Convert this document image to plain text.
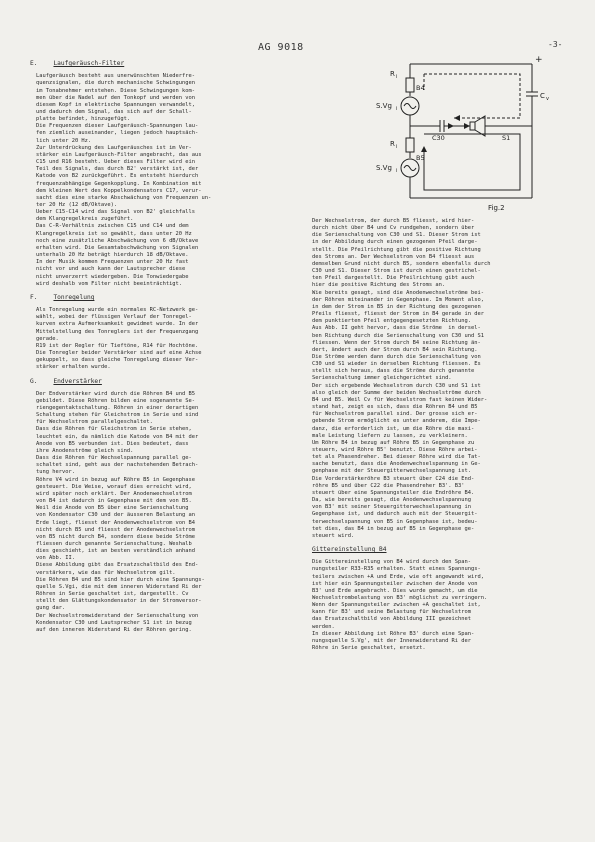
AG 9018	-3-
E.	Laufgeräusch-Filter
Laufgeräusch besteht aus unerwünschten Niederfre-
quenzsignalen, die durch mechanische Schwingungen
im Tonabnehmer entstehen. Diese Schwingungen kom-
men über die Nadel auf den Tonkopf und werden von
diesem Kopf in elektrische Spannungen verwandelt,
und dadurch dem Signal, das sich auf der Schall-
platte befindet, hinzugefügt.
Die Frequenzen dieser Laufgeräusch-Spannungen lau-
fen ziemlich auseinander, liegen jedoch hauptsäch-
lich unter 20 Hz.
Zur Unterdrückung des Laufgeräusches ist im Ver-
stärker ein Laufgeräusch-Filter angebracht, das aus
C15 und R16 besteht. Ueber dieses Filter wird ein
Teil des Signals, das durch B2' verstärkt ist, der
Katode von B2 zurückgeführt. Es entsteht hierdurch
frequenzabhängige Gegenkopplung. In Kombination mit
dem kleinen Wert des Koppelkondensators C17, verur-
sacht dies eine starke Abschwächung von Frequenzen un-
ter 20 Hz (12 dB/Oktave).
Ueber C15-C14 wird das Signal von B2' gleichfalls
dem Klangregelkreis zugeführt.
Das C-R-Verhältnis zwischen C15 und C14 und dem
Klangregelkreis ist so gewählt, dass unter 20 Hz
noch eine zusätzliche Abschwächung von 6 dB/Oktave
erhalten wird. Die Gesamtabschwächung von Signalen
unterhalb 20 Hz beträgt hierdurch 18 dB/Oktave.
In der Musik kommen Frequenzen unter 20 Hz fast
nicht vor und auch kann der Lautsprecher diese
nicht unverzerrt wiedergeben. Die Tonwiedergabe
wird deshalb vom Filter nicht beeinträchtigt.
F.	Tonregelung
Als Tonregelung wurde ein normales RC-Netzwerk ge-
wählt, wobei der flüssigen Verlauf der Tonregel-
kurven extra Aufmerksamkeit gewidmet wurde. In der
Mittelstellung des Tonreglers ist der Frequenzgang
gerade.
R19 ist der Regler für Tieftöne, R14 für Hochtöne.
Die Tonregler beider Verstärker sind auf eine Achse
gekuppelt, so dass gleiche Tonregelung dieser Ver-
stärker erhalten wurde.
G.	Endverstärker
Der Endverstärker wird durch die Röhren B4 und B5
gebildet. Diese Röhren bilden eine sogenannte Se-
riengegentaktschaltung. Röhren in einer derartigen
Schaltung stehen für Gleichstrom in Serie und sind
für Wechselstrom parallelgeschaltet.
Dass die Röhren für Gleichstrom in Serie stehen,
leuchtet ein, da nämlich die Katode von B4 mit der
Anode von B5 verbunden ist. Dies bedeutet, dass
ihre Anodenströme gleich sind.
Dass die Röhren für Wechselspannung parallel ge-
schaltet sind, geht aus der nachstehenden Betrach-
tung hervor.
Röhre V4 wird in bezug auf Röhre B5 in Gegenphase
gesteuert. Die Weise, worauf dies erreicht wird,
wird später noch erklärt. Der Anodenwechselstrom
von B4 ist dadurch in Gegenphase mit dem von B5.
Weil die Anode von B5 über eine Serienschaltung
von Kondensator C30 und der äusseren Belastung an
Erde liegt, fliesst der Anodenwechselstrom von B4
nicht durch B5 und fliesst der Anodenwechselstrom
von B5 nicht durch B4, sondern diese beide Ströme
fliessen durch genannte Serienschaltung. Weshalb
dies geschieht, ist an besten verständlich anhand
von Abb. II.
Diese Abbildung gibt das Ersatzschaltbild des End-
verstärkers, wie das für Wechselstrom gilt.
Die Röhren B4 und B5 sind hier durch eine Spannungs-
quelle S.Vgi, die mit dem inneren Widerstand Ri der
Röhren in Serie geschaltet ist, dargestellt. Cv
stellt den Glättungskondensator in der Stromversor-
gung dar.
Der Wechselstromwiderstand der Serienschaltung von
Kondensator C30 und Lautsprecher S1 ist in bezug
auf den inneren Widerstand Ri der Röhren gering.
+
R i
B4
S.Vg i
C v
C30	S1
R i
B5
S.Vg i
Fig.2
Der Wechselstrom, der durch B5 fliesst, wird hier-
durch nicht über B4 und Cv rundgehen, sondern über
die Serienschaltung von C30 und S1. Dieser Strom ist
in der Abbildung durch einen gezogenen Pfeil darge-
stellt. Die Pfeilrichtung gibt die positive Richtung
des Stroms an. Der Wechselstrom von B4 fliesst aus
demselben Grund nicht durch B5, sondern ebenfalls durch
C30 und S1. Dieser Strom ist durch einen gestrichel-
ten Pfeil dargestellt. Die Pfeilrichtung gibt auch
hier die positive Richtung des Stroms an.
Wie bereits gesagt, sind die Anodenwechselströme bei-
der Röhren miteinander in Gegenphase. Im Moment also,
in dem der Strom in B5 in der Richtung des gezogenen
Pfeils fliesst, fliesst der Strom in B4 gerade in der
dem punktierten Pfeil entgegengesetzten Richtung.
Aus Abb. II geht hervor, dass die Ströme  in dersel-
ben Richtung durch die Serienschaltung von C30 und S1
fliessen. Wenn der Strom durch B4 seine Richtung än-
dert, ändert auch der Strom durch B4 sein Richtung.
Die Ströme werden dann durch die Serienschaltung von
C30 und S1 wieder in derselben Richtung fliessen. Es
stellt sich heraus, dass die Ströme durch genannte
Serienschaltung immer gleichgerichtet sind.
Der sich ergebende Wechselstrom durch C30 und S1 ist
also gleich der Summe der beiden Wechselströme durch
B4 und B5. Weil Cv für Wechselstrom fast keinen Wider-
stand hat, zeigt es sich, dass die Röhren B4 und B5
für Wechselstrom parallel sind. Der grosse sich er-
gebende Strom ermöglicht es unter anderem, die Impe-
danz, die erforderlich ist, um die Röhre die maxi-
male Leistung liefern zu lassen, zu verkleinern.
Um Röhre B4 in bezug auf Röhre B5 in Gegenphase zu
steuern, wird Röhre B5' benutzt. Diese Röhre arbei-
tet als Phasendreher. Bei dieser Röhre wird die Tat-
sache benutzt, dass die Anodenwechselspannung in Ge-
genphase mit der Steuergitterwechselspannung ist.
Die Vorderstärkeröhre B3 steuert über C24 die End-
röhre B5 und über C22 die Phasendreher B3'. B3'
steuert über eine Spannungsteiler die Endröhre B4.
Da, wie bereits gesagt, die Anodenwechselspannung
von B3' mit seiner Steuergitterwechselspannung in
Gegenphase ist, und dadurch auch mit der Steuergit-
terwechselspannung von B5 in Gegenphase ist, bedeu-
tet dies, das B4 in bezug auf B5 in Gegenphase ge-
steuert wird.
Gittereinstellung B4
Die Gittereinstellung von B4 wird durch den Span-
nungsteiler R33-R35 erhalten. Statt eines Spannungs-
teilers zwischen +A und Erde, wie oft angewandt wird,
ist hier ein Spannungsteiler zwischen der Anode von
B3' und Erde angebracht. Dies wurde gemacht, um die
Wechselstrombelastung von B3' möglichst zu verringern.
Wenn der Spannungsteiler zwischen +A geschaltet ist,
kann für B3' und seine Belastung für Wechselstrom
das Ersatzschaltbild von Abbildung III gezeichnet
werden.
In dieser Abbildung ist Röhre B3' durch eine Span-
nungsquelle S.Vg', mit der Innenwiderstand Ri der
Röhre in Serie geschaltet, ersetzt.
